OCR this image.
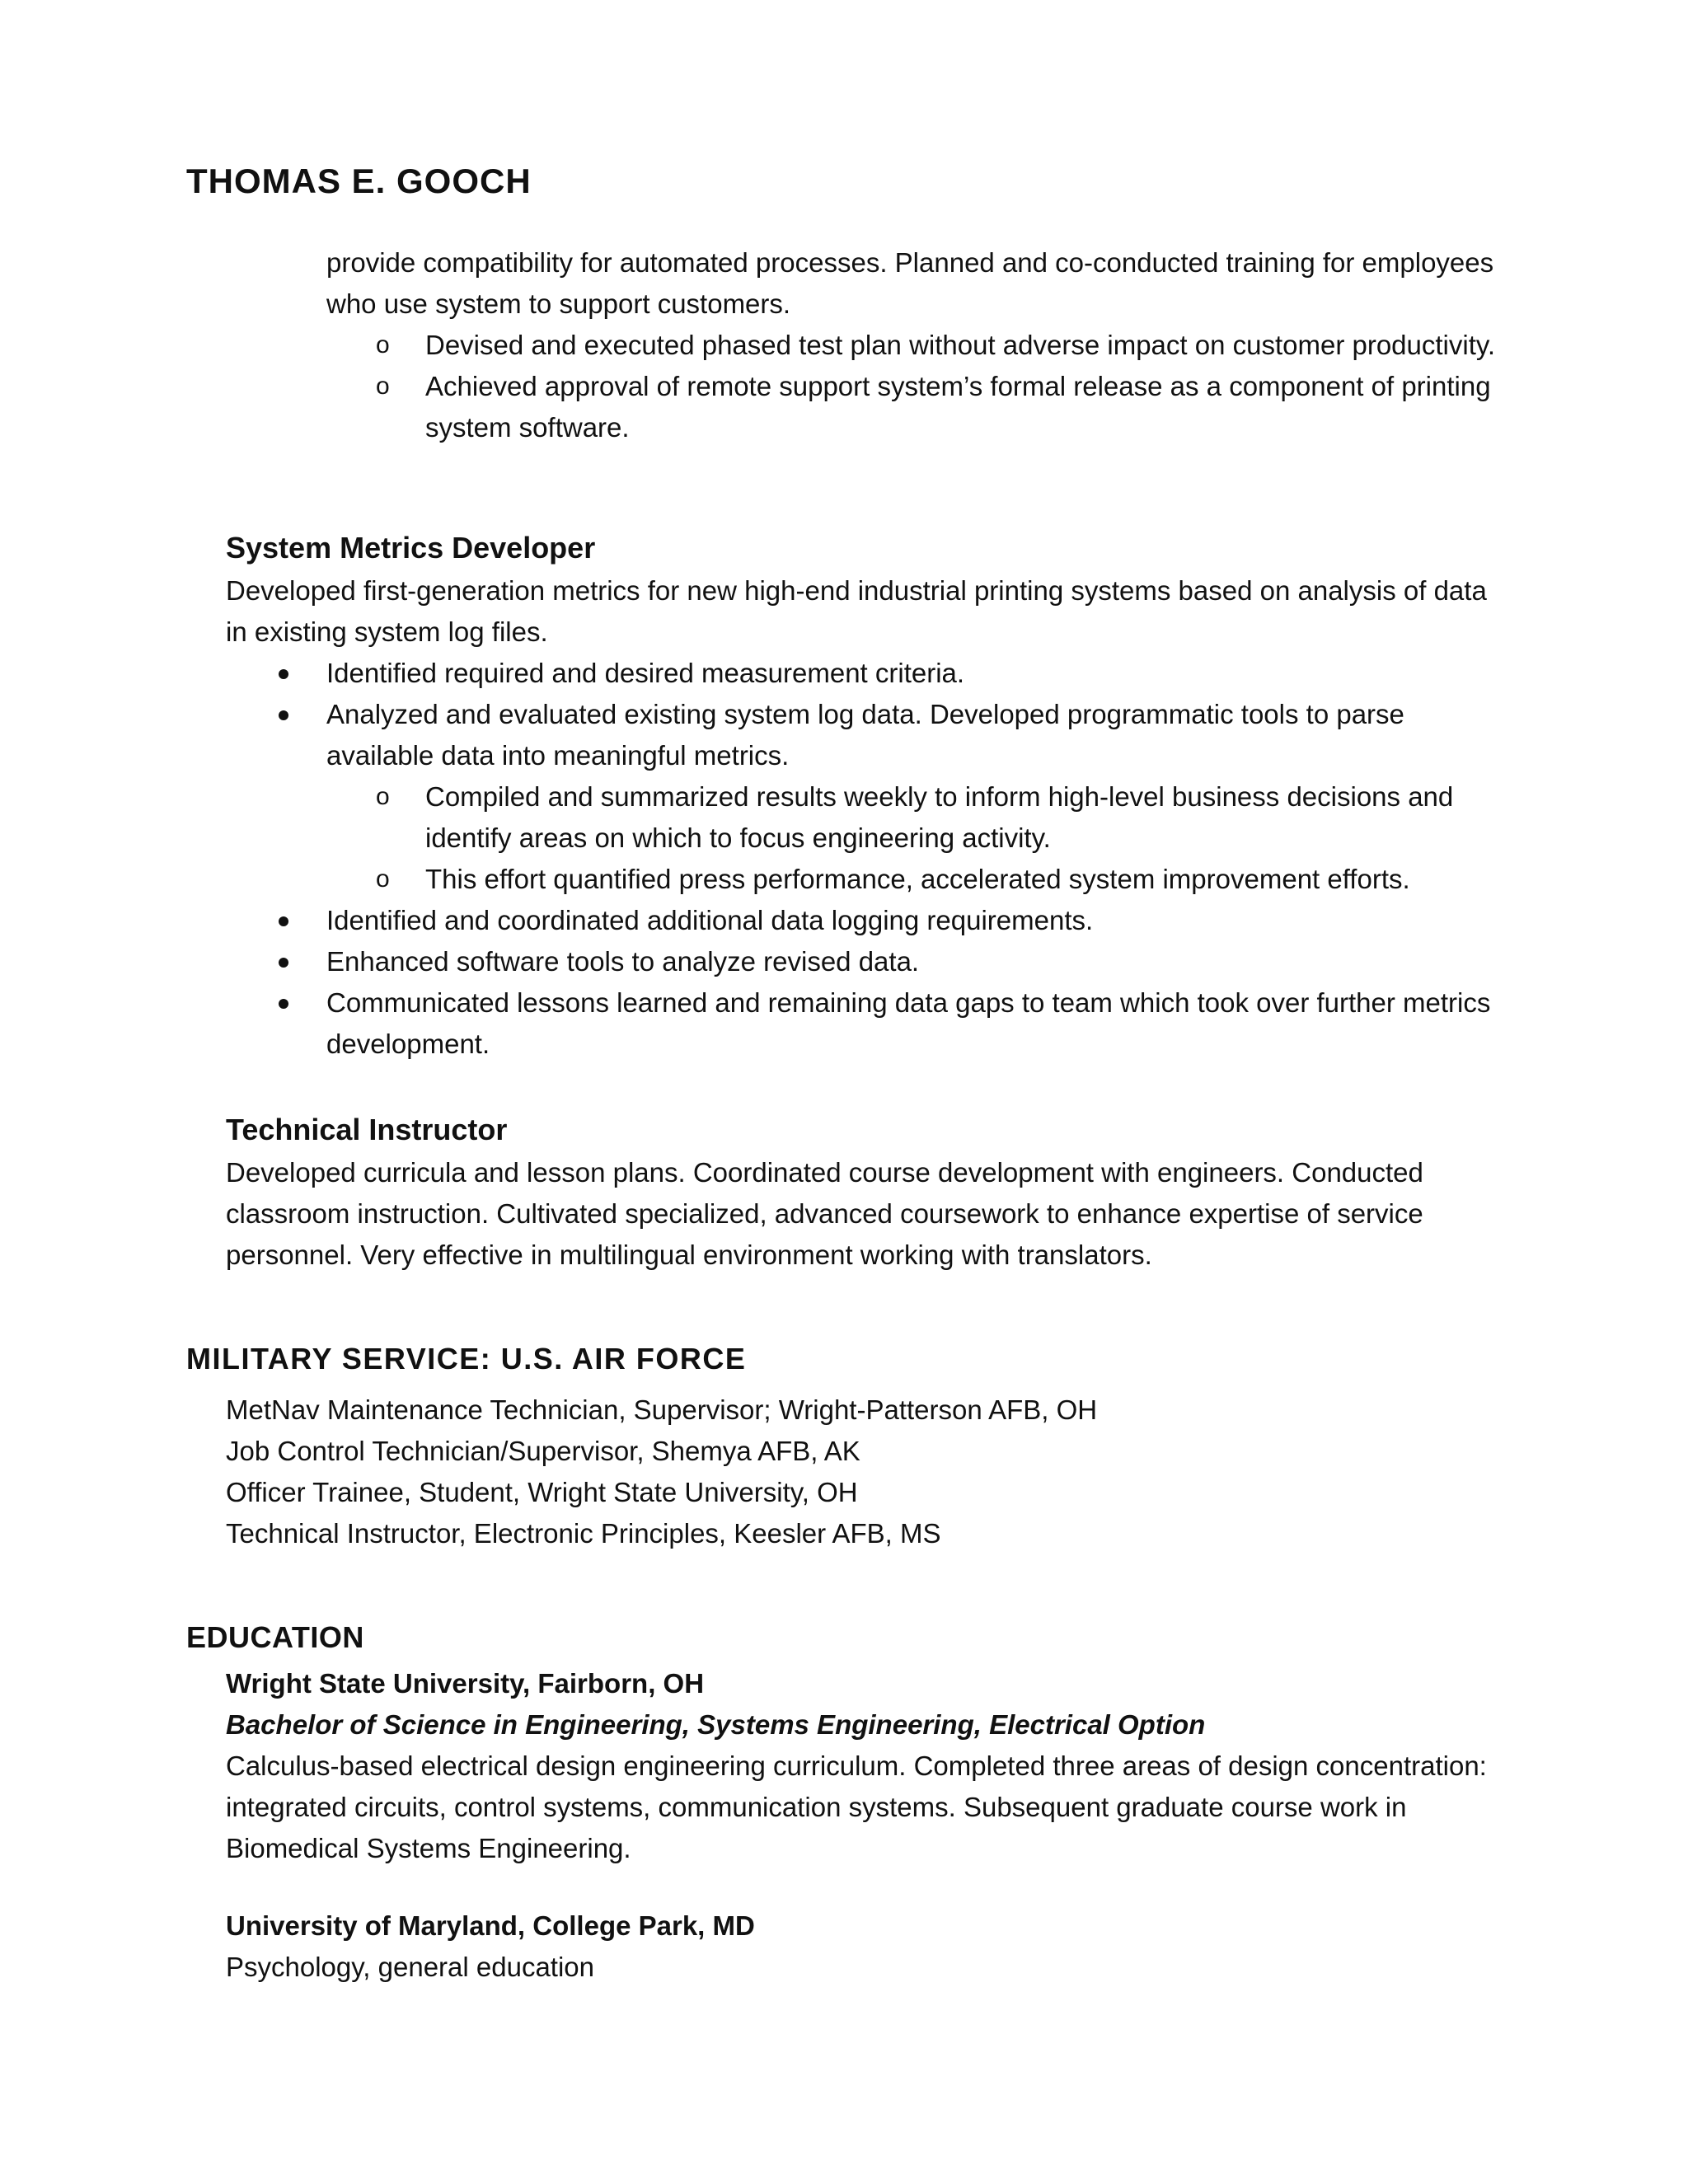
THOMAS E. GOOCH

provide compatibility for automated processes. Planned and co-conducted training for employees who use system to support customers.

o Devised and executed phased test plan without adverse impact on customer productivity.
o Achieved approval of remote support system’s formal release as a component of printing system software.
System Metrics Developer

Developed first-generation metrics for new high-end industrial printing systems based on analysis of data in existing system log files.

Identified required and desired measurement criteria.
Analyzed and evaluated existing system log data. Developed programmatic tools to parse available data into meaningful metrics.
o Compiled and summarized results weekly to inform high-level business decisions and identify areas on which to focus engineering activity.
o This effort quantified press performance, accelerated system improvement efforts.
Identified and coordinated additional data logging requirements.
Enhanced software tools to analyze revised data.
Communicated lessons learned and remaining data gaps to team which took over further metrics development.
Technical Instructor

Developed curricula and lesson plans. Coordinated course development with engineers. Conducted classroom instruction. Cultivated specialized, advanced coursework to enhance expertise of service personnel. Very effective in multilingual environment working with translators.

MILITARY SERVICE: U.S. AIR FORCE
MetNav Maintenance Technician, Supervisor; Wright-Patterson AFB, OH
Job Control Technician/Supervisor, Shemya AFB, AK
Officer Trainee, Student, Wright State University, OH
Technical Instructor, Electronic Principles, Keesler AFB, MS
EDUCATION

Wright State University, Fairborn, OH

Bachelor of Science in Engineering, Systems Engineering, Electrical Option

Calculus-based electrical design engineering curriculum. Completed three areas of design concentration: integrated circuits, control systems, communication systems. Subsequent graduate course work in Biomedical Systems Engineering.

University of Maryland, College Park, MD

Psychology, general education
